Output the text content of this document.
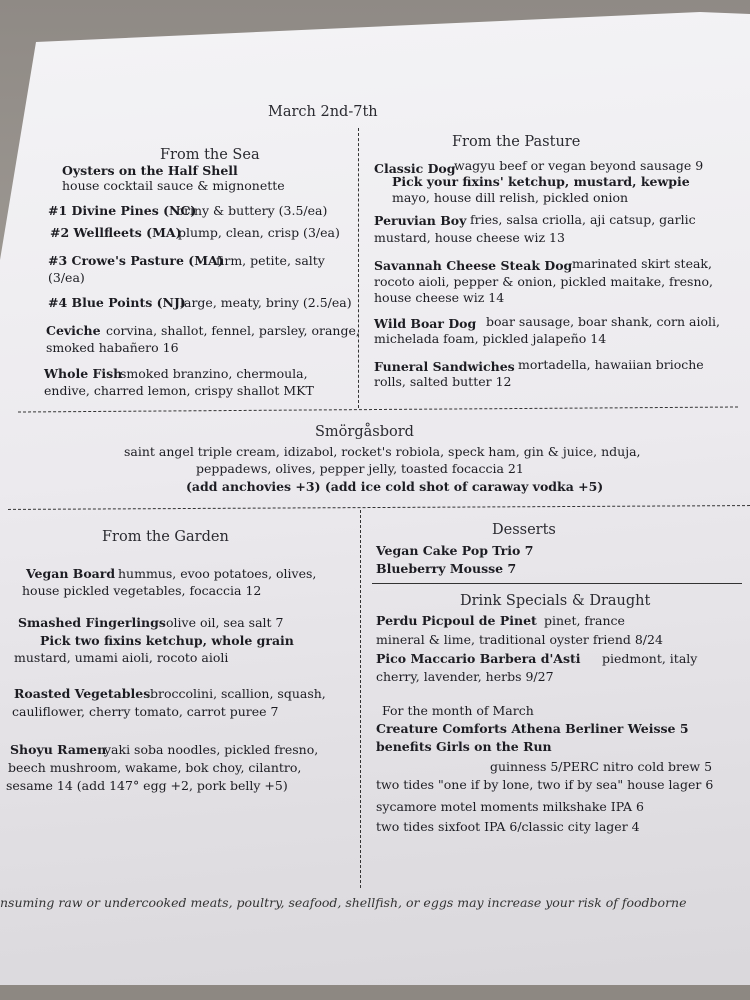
March 2nd-7th
From the Sea
Oysters on the Half Shell
house cocktail sauce & mignonette
#1 Divine Pines (NC)
briny & buttery (3.5/ea)
#2 Wellfleets (MA)
plump, clean, crisp (3/ea)
#3 Crowe's Pasture (MA)
firm, petite, salty
(3/ea)
#4 Blue Points (NJ)
large, meaty, briny (2.5/ea)
Ceviche corvina, shallot, fennel, parsley, orange,
smoked habañero 16
Whole Fish
smoked branzino, chermoula,
endive, charred lemon, crispy shallot MKT
From the Pasture
Classic Dog
wagyu beef or vegan beyond sausage 9
Pick your fixins' ketchup, mustard, kewpie
mayo, house dill relish, pickled onion
Peruvian Boy fries, salsa criolla, aji catsup, garlic
mustard, house cheese wiz 13
Savannah Cheese Steak Dog marinated skirt steak,
rocoto aioli, pepper & onion, pickled maitake, fresno,
house cheese wiz 14
Wild Boar Dog boar sausage, boar shank, corn aioli,
michelada foam, pickled jalapeño 14
Funeral Sandwiches mortadella, hawaiian brioche
rolls, salted butter 12
Smörgåsbord
saint angel triple cream, idizabol, rocket's robiola, speck ham, gin & juice, nduja,
peppadews, olives, pepper jelly, toasted focaccia 21
(add anchovies +3) (add ice cold shot of caraway vodka +5)
From the Garden
Vegan Board hummus, evoo potatoes, olives,
house pickled vegetables, focaccia 12
Smashed Fingerlings olive oil, sea salt 7
Pick two fixins ketchup, whole grain
mustard, umami aioli, rocoto aioli
Roasted Vegetables broccolini, scallion, squash,
cauliflower, cherry tomato, carrot puree 7
Shoyu Ramen
yaki soba noodles, pickled fresno,
beech mushroom, wakame, bok choy, cilantro,
sesame 14 (add 147° egg +2, pork belly +5)
Desserts
Vegan Cake Pop Trio 7
Blueberry Mousse 7
Drink Specials & Draught
Perdu Picpoul de Pinet pinet, france
mineral & lime, traditional oyster friend 8/24
Pico Maccario Barbera d'Asti piedmont, italy
cherry, lavender, herbs 9/27
For the month of March
Creature Comforts Athena Berliner Weisse 5
benefits Girls on the Run
guinness 5/PERC nitro cold brew 5
two tides "one if by lone, two if by sea" house lager 6
sycamore motel moments milkshake IPA 6
two tides sixfoot IPA 6/classic city lager 4
nsuming raw or undercooked meats, poultry, seafood, shellfish, or eggs may increase your risk of foodborne
